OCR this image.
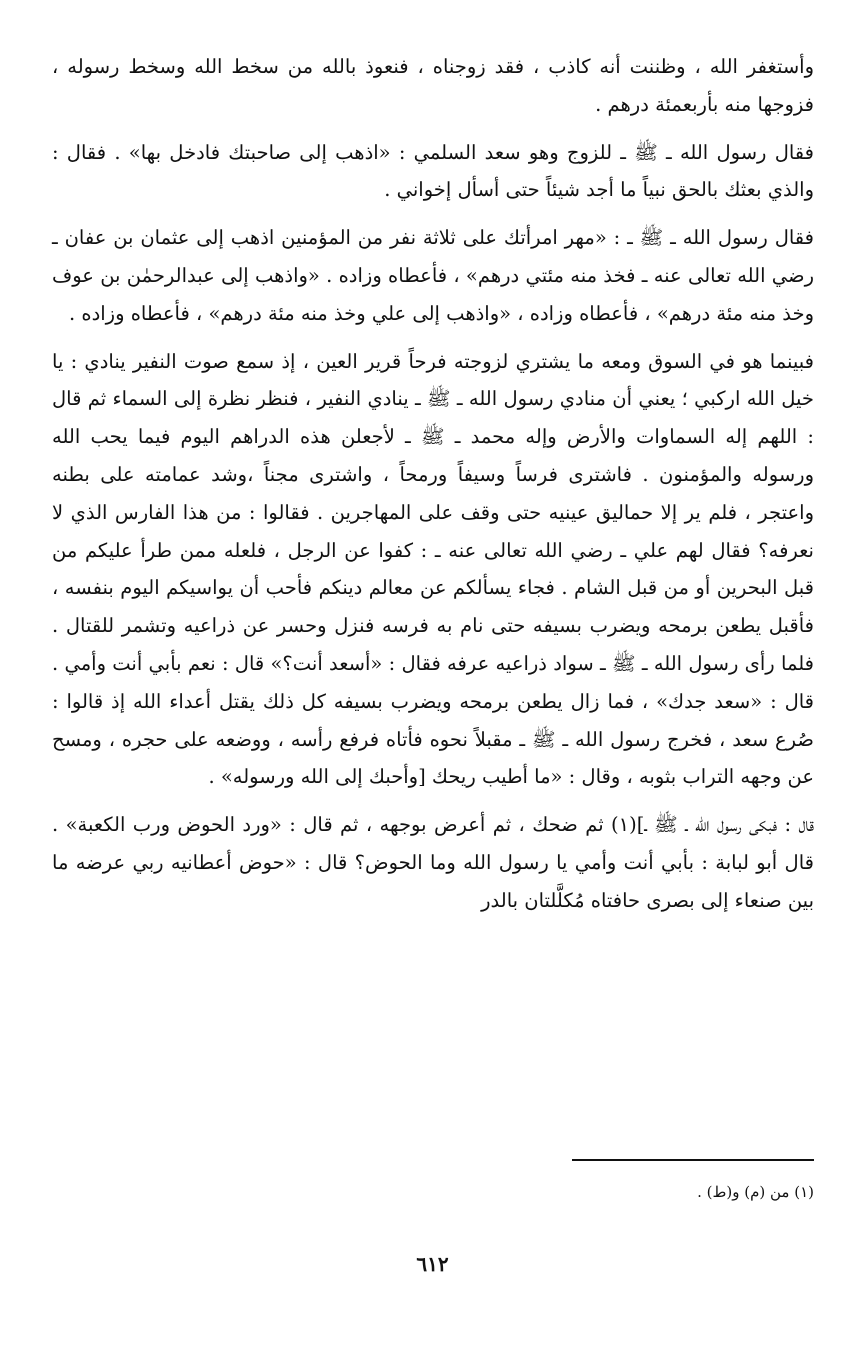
وأستغفر الله ، وظننت أنه كاذب ، فقد زوجناه ، فنعوذ بالله من سخط الله وسخط رسوله ، فزوجها منه بأربعمئة درهم .

فقال رسول الله ـ ﷺ ـ للزوج وهو سعد السلمي : «اذهب إلى صاحبتك فادخل بها» . فقال : والذي بعثك بالحق نبياً ما أجد شيئاً حتى أسأل إخواني .

فقال رسول الله ـ ﷺ ـ : «مهر امرأتك على ثلاثة نفر من المؤمنين اذهب إلى عثمان بن عفان ـ رضي الله تعالى عنه ـ فخذ منه مئتي درهم» ، فأعطاه وزاده . «واذهب إلى عبدالرحمٰن بن عوف وخذ منه مئة درهم» ، فأعطاه وزاده ، «واذهب إلى علي وخذ منه مئة درهم» ، فأعطاه وزاده .

فبينما هو في السوق ومعه ما يشتري لزوجته فرحاً قرير العين ، إذ سمع صوت النفير ينادي : يا خيل الله اركبي ؛ يعني أن منادي رسول الله ـ ﷺ ـ ينادي النفير ، فنظر نظرة إلى السماء ثم قال : اللهم إله السماوات والأرض وإله محمد ـ ﷺ ـ لأجعلن هذه الدراهم اليوم فيما يحب الله ورسوله والمؤمنون . فاشترى فرساً وسيفاً ورمحاً ، واشترى مجناً ،وشد عمامته على بطنه واعتجر ، فلم ير إلا حماليق عينيه حتى وقف على المهاجرين . فقالوا : من هذا الفارس الذي لا نعرفه؟ فقال لهم علي ـ رضي الله تعالى عنه ـ : كفوا عن الرجل ، فلعله ممن طرأ عليكم من قبل البحرين أو من قبل الشام . فجاء يسألكم عن معالم دينكم فأحب أن يواسيكم اليوم بنفسه ، فأقبل يطعن برمحه ويضرب بسيفه حتى نام به فرسه فنزل وحسر عن ذراعيه وتشمر للقتال . فلما رأى رسول الله ـ ﷺ ـ سواد ذراعيه عرفه فقال : «أسعد أنت؟» قال : نعم بأبي أنت وأمي . قال : «سعد جدك» ، فما زال يطعن برمحه ويضرب بسيفه كل ذلك يقتل أعداء الله إذ قالوا : صُرع سعد ، فخرج رسول الله ـ ﷺ ـ مقبلاً نحوه فأتاه فرفع رأسه ، ووضعه على حجره ، ومسح عن وجهه التراب بثوبه ، وقال : «ما أطيب ريحك [وأحبك إلى الله ورسوله» .

قال : فبكى رسول الله ـ ﷺ ـ](١) ثم ضحك ، ثم أعرض بوجهه ، ثم قال : «ورد الحوض ورب الكعبة» . قال أبو لبابة : بأبي أنت وأمي يا رسول الله وما الحوض؟ قال : «حوض أعطانيه ربي عرضه ما بين صنعاء إلى بصرى حافتاه مُكلَّلتان بالدر

(١) من (م) و(ط) .
٦١٢
